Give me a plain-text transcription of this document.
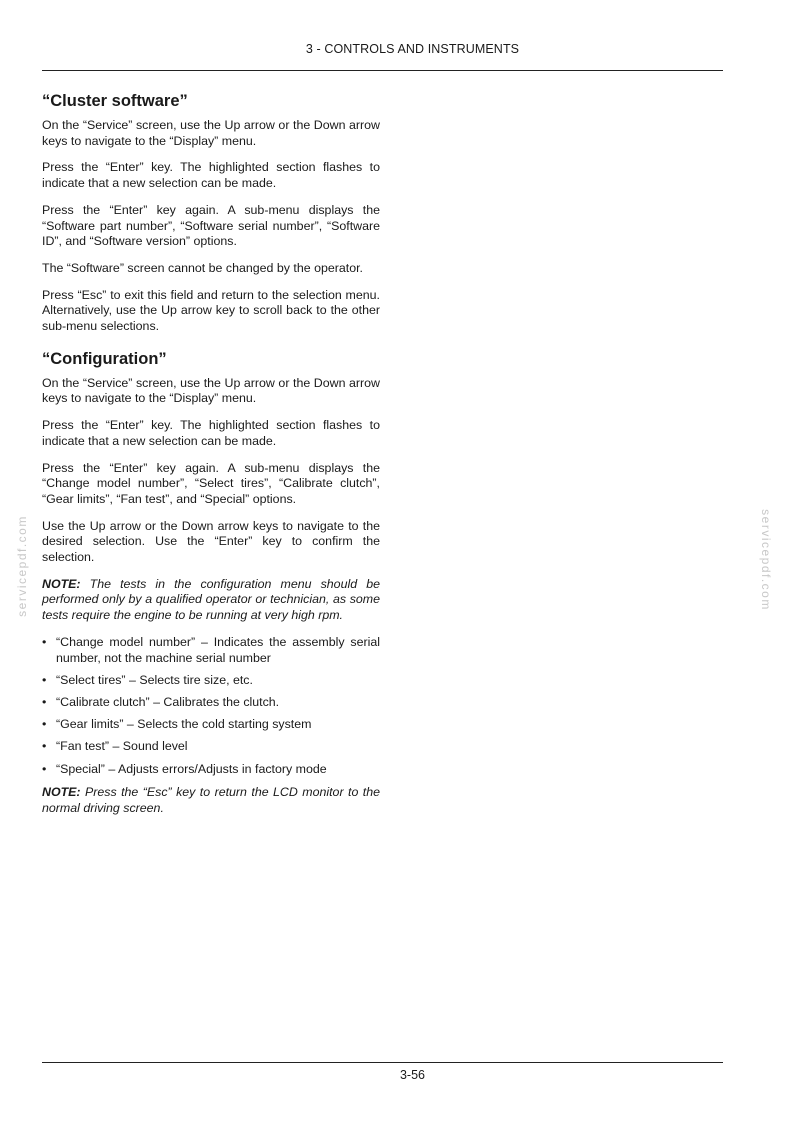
3 - CONTROLS AND INSTRUMENTS
servicepdf.com	servicepdf.com
“Cluster software”

On the “Service” screen, use the Up arrow or the Down arrow keys to navigate to the “Display” menu.

Press the “Enter” key. The highlighted section flashes to indicate that a new selection can be made.

Press the “Enter” key again. A sub-menu displays the “Software part number”, “Software serial number”, “Software ID”, and “Software version” options.

The “Software” screen cannot be changed by the operator.

Press “Esc” to exit this field and return to the selection menu. Alternatively, use the Up arrow key to scroll back to the other sub-menu selections.

“Configuration”

On the “Service” screen, use the Up arrow or the Down arrow keys to navigate to the “Display” menu.

Press the “Enter” key. The highlighted section flashes to indicate that a new selection can be made.

Press the “Enter” key again. A sub-menu displays the “Change model number”, “Select tires”, “Calibrate clutch”, “Gear limits”, “Fan test”, and “Special” options.

Use the Up arrow or the Down arrow keys to navigate to the desired selection. Use the “Enter” key to confirm the selection.

NOTE: The tests in the configuration menu should be performed only by a qualified operator or technician, as some tests require the engine to be running at very high rpm.

• “Change model number” – Indicates the assembly serial number, not the machine serial number
• “Select tires” – Selects tire size, etc.
• “Calibrate clutch” – Calibrates the clutch.
• “Gear limits” – Selects the cold starting system
• “Fan test” – Sound level
• “Special” – Adjusts errors/Adjusts in factory mode

NOTE: Press the “Esc” key to return the LCD monitor to the normal driving screen.

3-56
